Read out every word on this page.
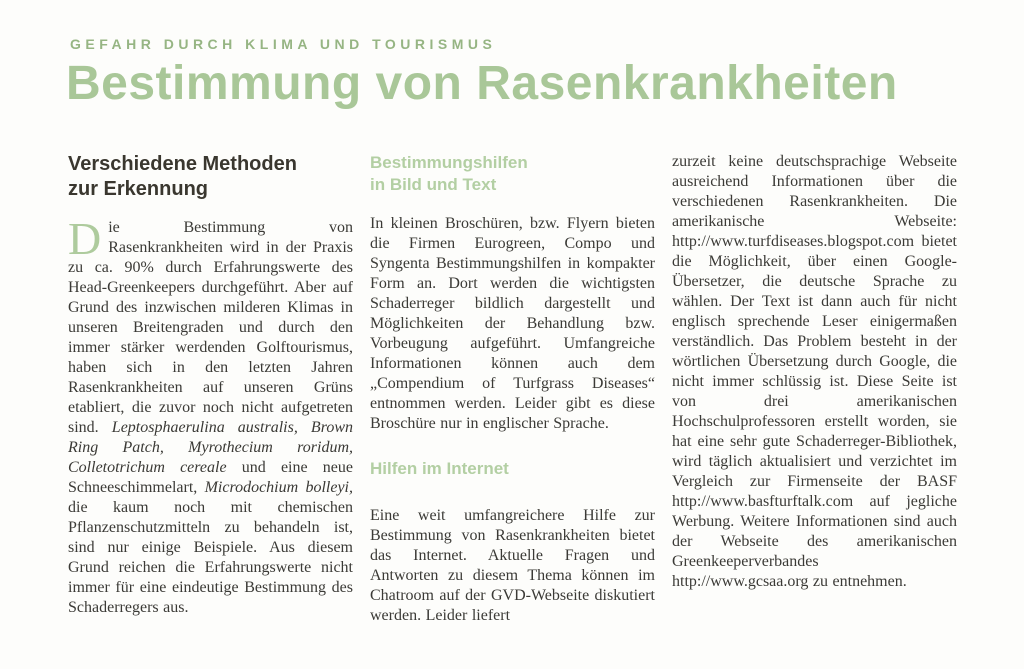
GEFAHR DURCH KLIMA UND TOURISMUS
Bestimmung von Rasenkrankheiten
Verschiedene Methoden
zur Erkennung

Die Bestimmung von Rasenkrankheiten wird in der Praxis zu ca. 90% durch Erfahrungswerte des Head-Greenkeepers durchgeführt. Aber auf Grund des inzwischen milderen Klimas in unseren Breitengraden und durch den immer stärker werdenden Golftourismus, haben sich in den letzten Jahren Rasenkrankheiten auf unseren Grüns etabliert, die zuvor noch nicht aufgetreten sind. Leptosphaerulina australis, Brown Ring Patch, Myrothecium roridum, Colletotrichum cereale und eine neue Schneeschimmelart, Microdochium bolleyi, die kaum noch mit chemischen Pflanzenschutzmitteln zu behandeln ist, sind nur einige Beispiele. Aus diesem Grund reichen die Erfahrungswerte nicht immer für eine eindeutige Bestimmung des Schaderregers aus.

Bestimmungshilfen
in Bild und Text

In kleinen Broschüren, bzw. Flyern bieten die Firmen Eurogreen, Compo und Syngenta Bestimmungshilfen in kompakter Form an. Dort werden die wichtigsten Schaderreger bildlich dargestellt und Möglichkeiten der Behandlung bzw. Vorbeugung aufgeführt. Umfangreiche Informationen können auch dem „Compendium of Turfgrass Diseases“ entnommen werden. Leider gibt es diese Broschüre nur in englischer Sprache.

Hilfen im Internet

Eine weit umfangreichere Hilfe zur Bestimmung von Rasenkrankheiten bietet das Internet. Aktuelle Fragen und Antworten zu diesem Thema können im Chatroom auf der GVD-Webseite diskutiert werden. Leider liefert

zurzeit keine deutschsprachige Webseite ausreichend Informationen über die verschiedenen Rasenkrankheiten. Die amerikanische Webseite: http://www.turfdiseases.blogspot.com bietet die Möglichkeit, über einen Google-Übersetzer, die deutsche Sprache zu wählen. Der Text ist dann auch für nicht englisch sprechende Leser einigermaßen verständlich. Das Problem besteht in der wörtlichen Übersetzung durch Google, die nicht immer schlüssig ist. Diese Seite ist von drei amerikanischen Hochschulprofessoren erstellt worden, sie hat eine sehr gute Schaderreger-Bibliothek, wird täglich aktualisiert und verzichtet im Vergleich zur Firmenseite der BASF http://www.basfturftalk.com auf jegliche Werbung. Weitere Informationen sind auch der Webseite des amerikanischen Greenkeeperverbandes http://www.gcsaa.org zu entnehmen.
